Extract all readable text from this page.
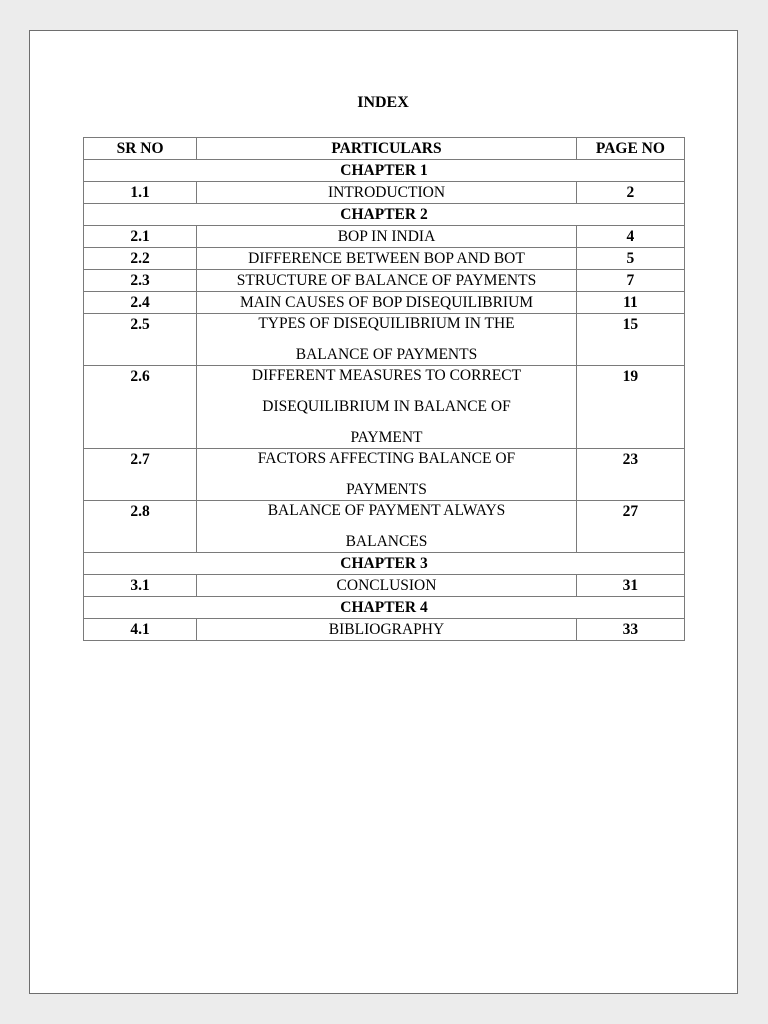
INDEX
SR NO	PARTICULARS	PAGE NO
CHAPTER 1		
1.1	INTRODUCTION	2
CHAPTER 2		
2.1	BOP IN INDIA	4
2.2	DIFFERENCE BETWEEN BOP AND BOT	5
2.3	STRUCTURE OF BALANCE OF PAYMENTS	7
2.4	MAIN CAUSES OF BOP DISEQUILIBRIUM	11
2.5	TYPES OF DISEQUILIBRIUM IN THE
BALANCE OF PAYMENTS	15
2.6	DIFFERENT MEASURES TO CORRECT
DISEQUILIBRIUM IN BALANCE OF
PAYMENT	19
2.7	FACTORS AFFECTING BALANCE OF
PAYMENTS	23
2.8	BALANCE OF PAYMENT ALWAYS
BALANCES	27
CHAPTER 3		
3.1	CONCLUSION	31
CHAPTER 4		
4.1	BIBLIOGRAPHY	33
